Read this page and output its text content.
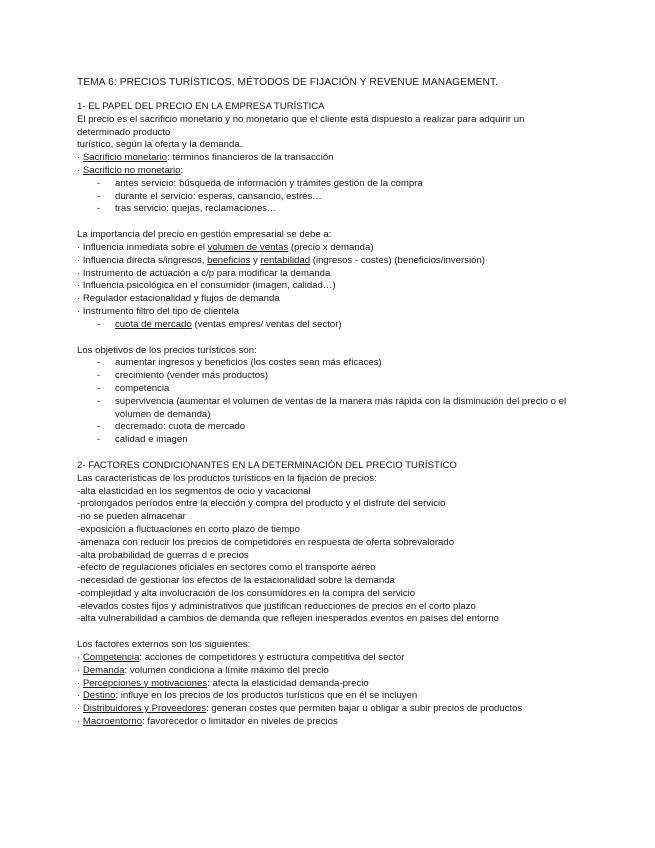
TEMA 6: PRECIOS TURÍSTICOS, MÉTODOS DE FIJACIÓN Y REVENUE MANAGEMENT.
1- EL PAPEL DEL PRECIO EN LA EMPRESA TURÍSTICA
El precio es el sacrificio monetario y no monetario que el cliente está dispuesto a realizar para adquirir un
determinado producto
turístico, según la oferta y la demanda.
· Sacrificio monetario: términos financieros de la transacción
· Sacrificio no monetario:
-	antes servicio: búsqueda de información y trámites gestión de la compra
-	durante el servicio: esperas, cansancio, estrés…
-	tras servicio: quejas, reclamaciones…
La importancia del precio en gestión empresarial se debe a:
· Influencia inmediata sobre el volumen de ventas (precio x demanda)
· Influencia directa s/ingresos, beneficios y rentabilidad (ingresos - costes) (beneficios/inversión)
· Instrumento de actuación a c/p para modificar la demanda
· Influencia psicológica en el consumidor (imagen, calidad…)
· Regulador estacionalidad y flujos de demanda
· Instrumento filtro del tipo de clientela
-	cuota de mercado (ventas empres/ ventas del sector)
Los objetivos de los precios turísticos son:
-	aumentar ingresos y beneficios (los costes sean más eficaces)
-	crecimiento (vender más productos)
-	competencia
-	supervivencia (aumentar el volumen de ventas de la manera más rápida con la disminución del precio o el volumen de demanda)
-	decremado: cuota de mercado
-	calidad e imagen
2- FACTORES CONDICIONANTES EN LA DETERMINACIÓN DEL PRECIO TURÍSTICO
Las características de los productos turísticos en la fijación de precios:
-alta elasticidad en los segmentos de ocio y vacacional
-prolongados períodos entre la elección y compra del producto y el disfrute del servicio
-no se pueden almacenar
-exposición a fluctuaciones en corto plazo de tiempo
-amenaza con reducir los precios de competidores en respuesta de oferta sobrevalorado
-alta probabilidad de guerras d e precios
-efecto de regulaciones oficiales en sectores como el transporte aéreo
-necesidad de gestionar los efectos de la estacionalidad sobre la demanda
-complejidad y alta involucración de los consumidores en la compra del servicio
-elevados costes fijos y administrativos que justifican reducciones de precios en el corto plazo
-alta vulnerabilidad a cambios de demanda que reflejen inesperados eventos en países del entorno
Los factores externos son los siguientes:
· Competencia: acciones de competidores y estructura competitiva del sector
· Demanda: volumen condiciona a límite máximo del precio
· Percepciones y motivaciones: afecta la elasticidad demanda-precio
· Destino: influye en los precios de los productos turísticos que en él se incluyen
· Distribuidores y Proveedores: generan costes que permiten bajar u obligar a subir precios de productos
· Macroentorno: favorecedor o limitador en niveles de precios
